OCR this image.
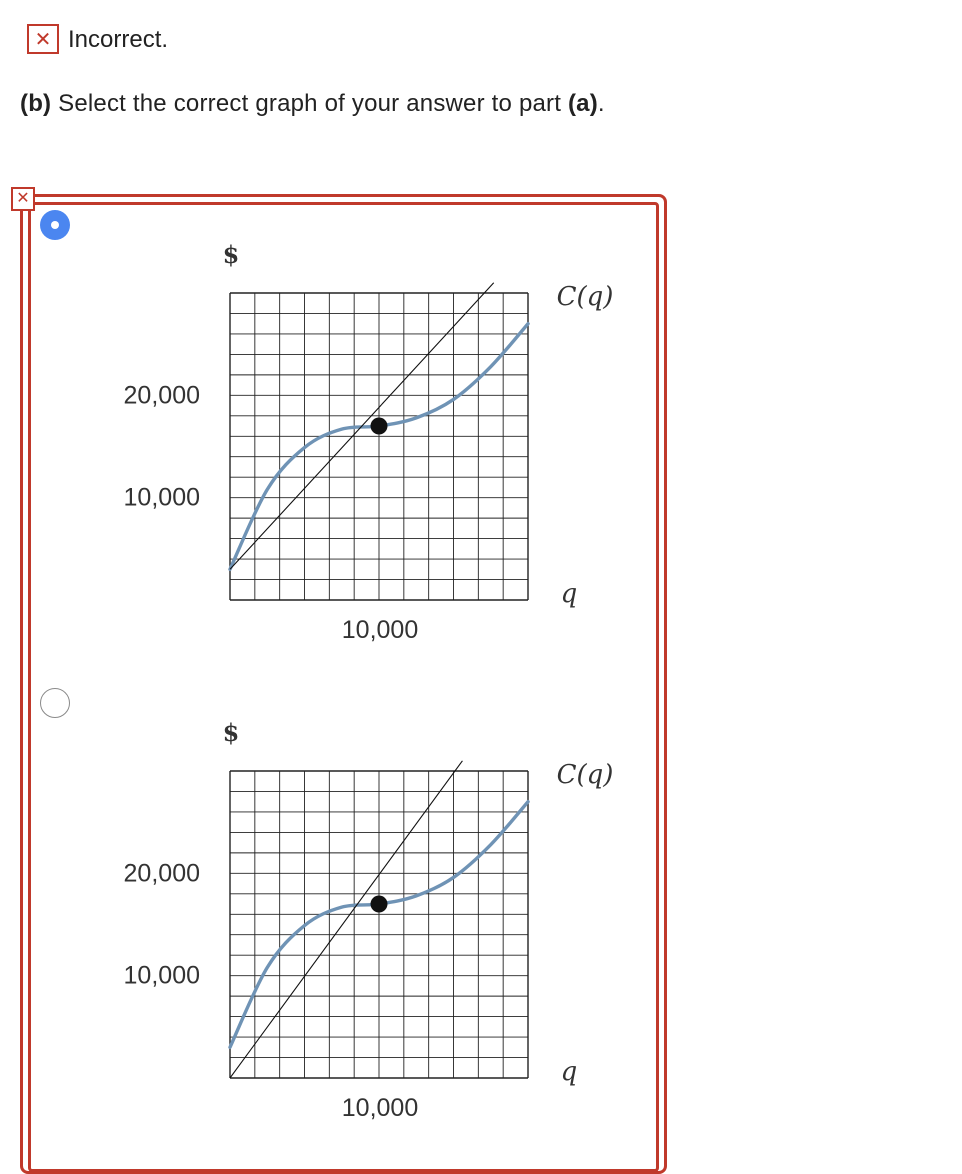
✕ Incorrect.
(b) Select the correct graph of your answer to part (a).
✕
20,000
10,000
10,000
$
C(q)
q
20,000
10,000
10,000
$
C(q)
q
